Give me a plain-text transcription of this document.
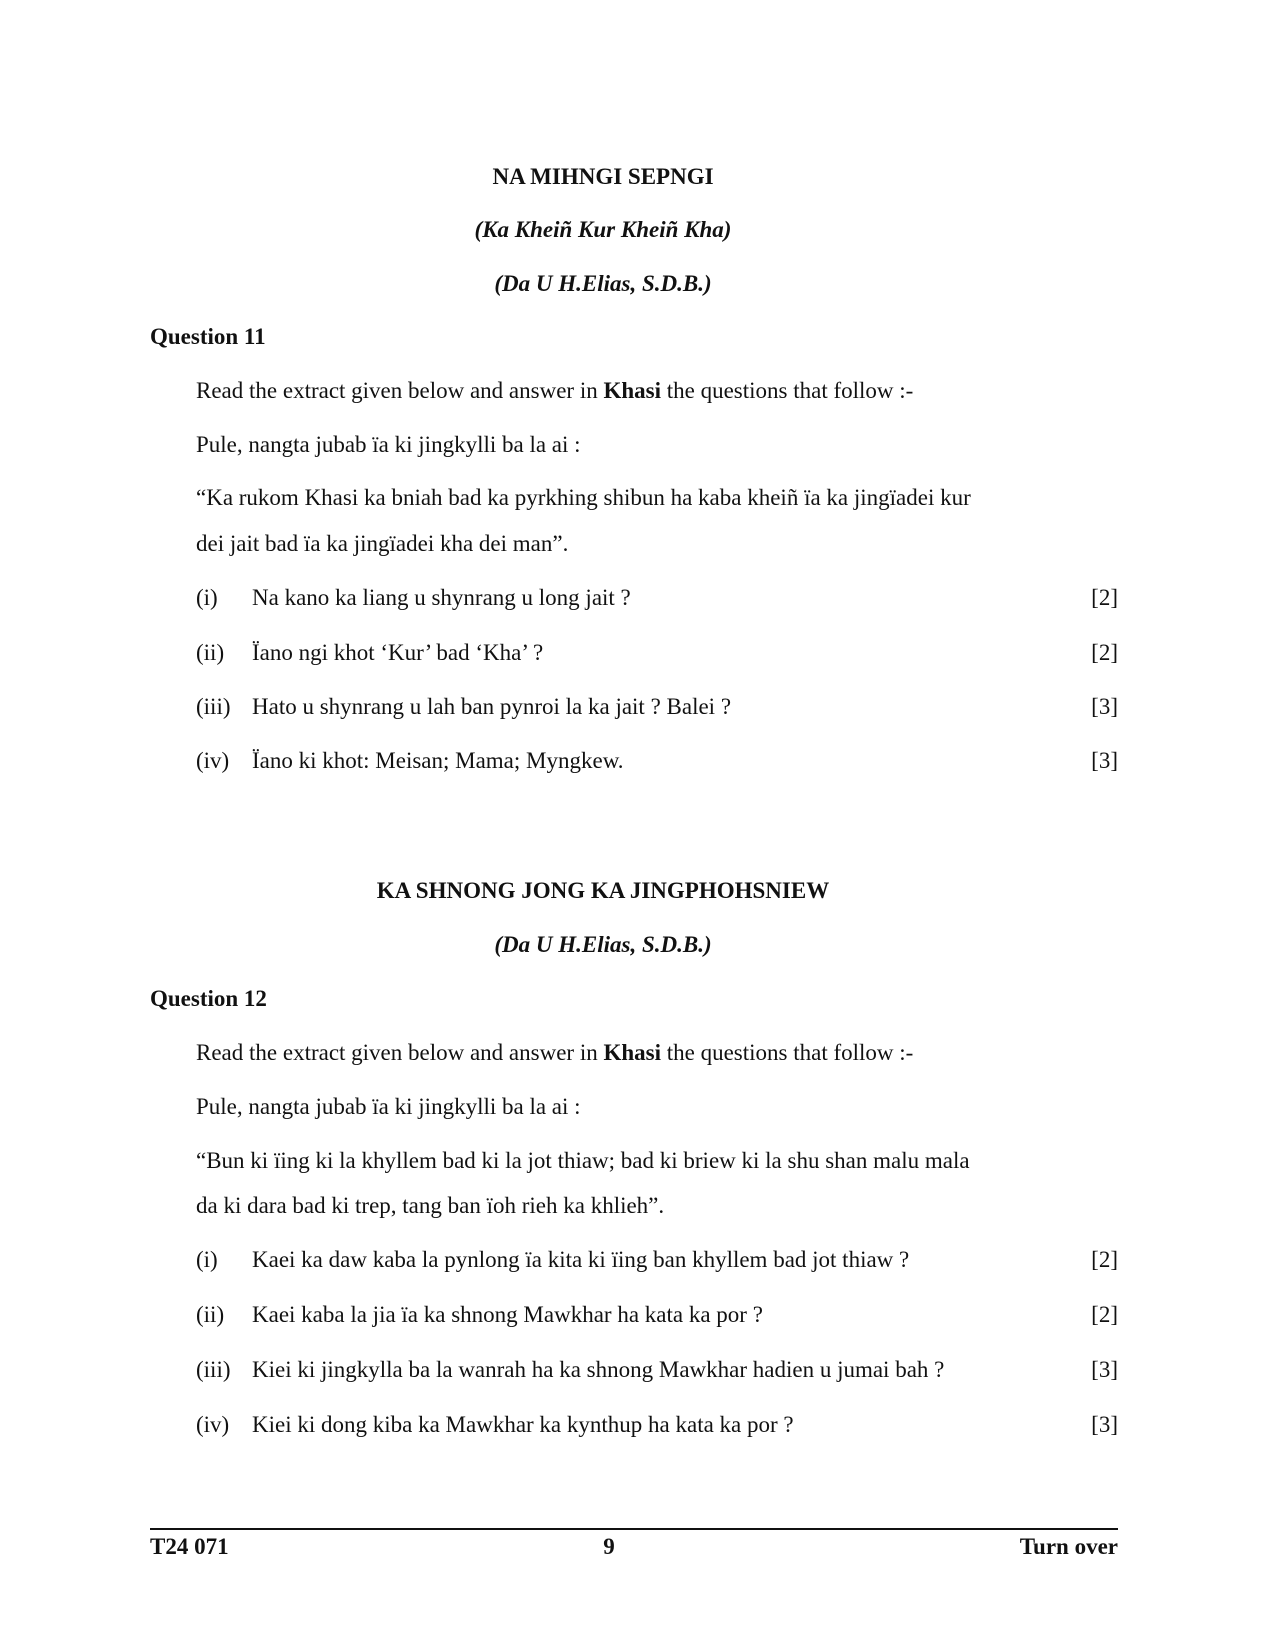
NA MIHNGI SEPNGI
(Ka Kheiñ Kur Kheiñ Kha)
(Da U H.Elias, S.D.B.)
Question 11
Read the extract given below and answer in Khasi the questions that follow :-
Pule, nangta jubab ïa ki jingkylli ba la ai :
“Ka rukom Khasi ka bniah bad ka pyrkhing shibun ha kaba kheiñ ïa ka jingïadei kur
dei jait bad ïa ka jingïadei kha dei man”.
(i) Na kano ka liang u shynrang u long jait ?	[2]
(ii) Ïano ngi khot ‘Kur’ bad ‘Kha’ ?	[2]
(iii) Hato u shynrang u lah ban pynroi la ka jait ? Balei ?	[3]
(iv) Ïano ki khot: Meisan; Mama; Myngkew.	[3]
KA SHNONG JONG KA JINGPHOHSNIEW
(Da U H.Elias, S.D.B.)
Question 12
Read the extract given below and answer in Khasi the questions that follow :-
Pule, nangta jubab ïa ki jingkylli ba la ai :
“Bun ki ïing ki la khyllem bad ki la jot thiaw; bad ki briew ki la shu shan malu mala
da ki dara bad ki trep, tang ban ïoh rieh ka khlieh”.
(i) Kaei ka daw kaba la pynlong ïa kita ki ïing ban khyllem bad jot thiaw ?	[2]
(ii) Kaei kaba la jia ïa ka shnong Mawkhar ha kata ka por ?	[2]
(iii) Kiei ki jingkylla ba la wanrah ha ka shnong Mawkhar hadien u jumai bah ?	[3]
(iv) Kiei ki dong kiba ka Mawkhar ka kynthup ha kata ka por ?	[3]
T24 071	9	Turn over
